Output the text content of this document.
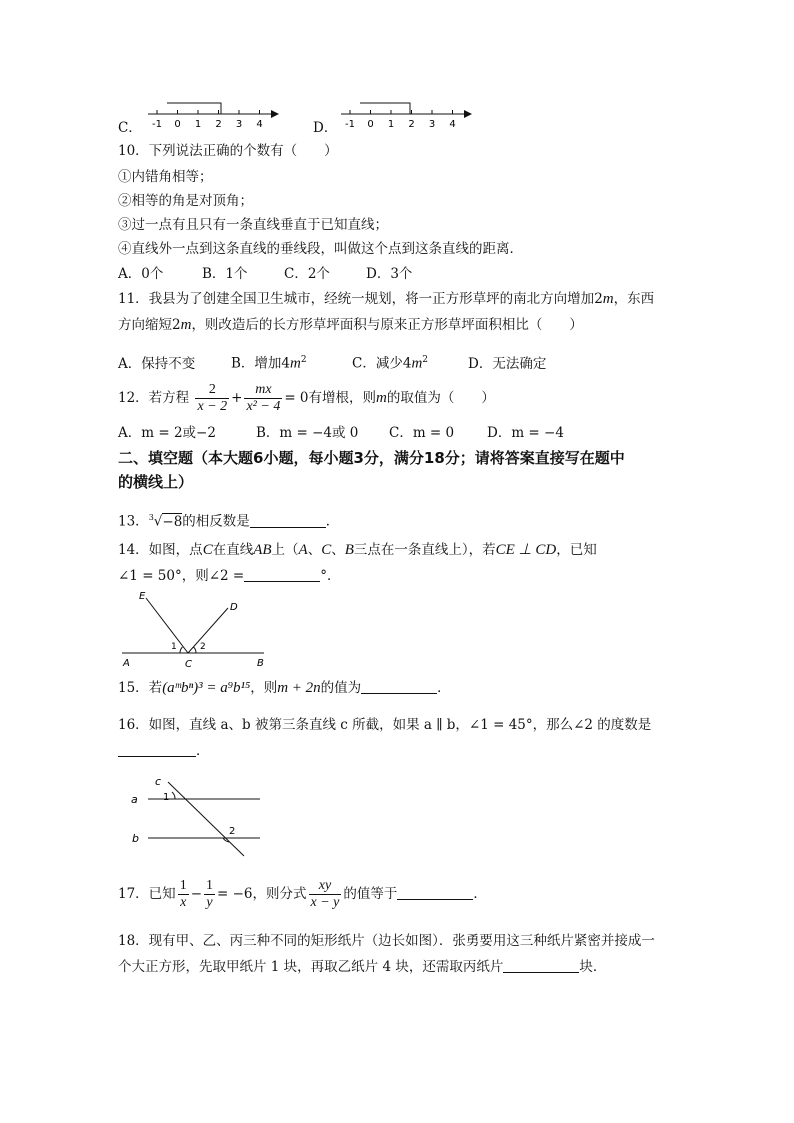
C． -1 0 1 2 3 4	D． -1 0 1 2 3 4
10．下列说法正确的个数有（　　）
①内错角相等；
②相等的角是对顶角；
③过一点有且只有一条直线垂直于已知直线；
④直线外一点到这条直线的垂线段，叫做这个点到这条直线的距离．
A．0个	B．1个	C．2个	D．3个
11．我县为了创建全国卫生城市，经统一规划，将一正方形草坪的南北方向增加2m，东西
方向缩短2m，则改造后的长方形草坪面积与原来正方形草坪面积相比（　　）
A．保持不变	B．增加$4m^2$	C．减少$4m^2$	D．无法确定
12．若方程 $\frac{2}{x - 2} + \frac{mx}{\text{x² − 4}} = 0$有增根，则m的取值为（　　）
A．m = 2或−2	B．m = −4或 0 C．m = 0 D．m = −4
二、填空题（本大题6小题，每小题3分，满分18分；请将答案直接写在题中
的横线上）
13．$^3$√−8的相反数是	．
14．如图，点C在直线AB上（A、C、B三点在一条直线上），若CE ⊥ CD，已知
∠1 = 50°，则∠2 =	°．
E
D
A	C	B
1	2
15．若(aᵐbⁿ)³ = a⁹b¹⁵，则m + 2n的值为	．
16．如图，直线 a、b 被第三条直线 c 所截，如果 a ∥ b，∠1 = 45°，那么∠2 的度数是
．
a
b
c
1
2
17．已知 $\frac{1}{x} - \frac{1}{y} = -6$，则分式 $\frac{xy}{x - y}$ 的值等于	．
18．现有甲、乙、丙三种不同的矩形纸片（边长如图）．张勇要用这三种纸片紧密并接成一
个大正方形，先取甲纸片 1 块，再取乙纸片 4 块，还需取丙纸片	块．
